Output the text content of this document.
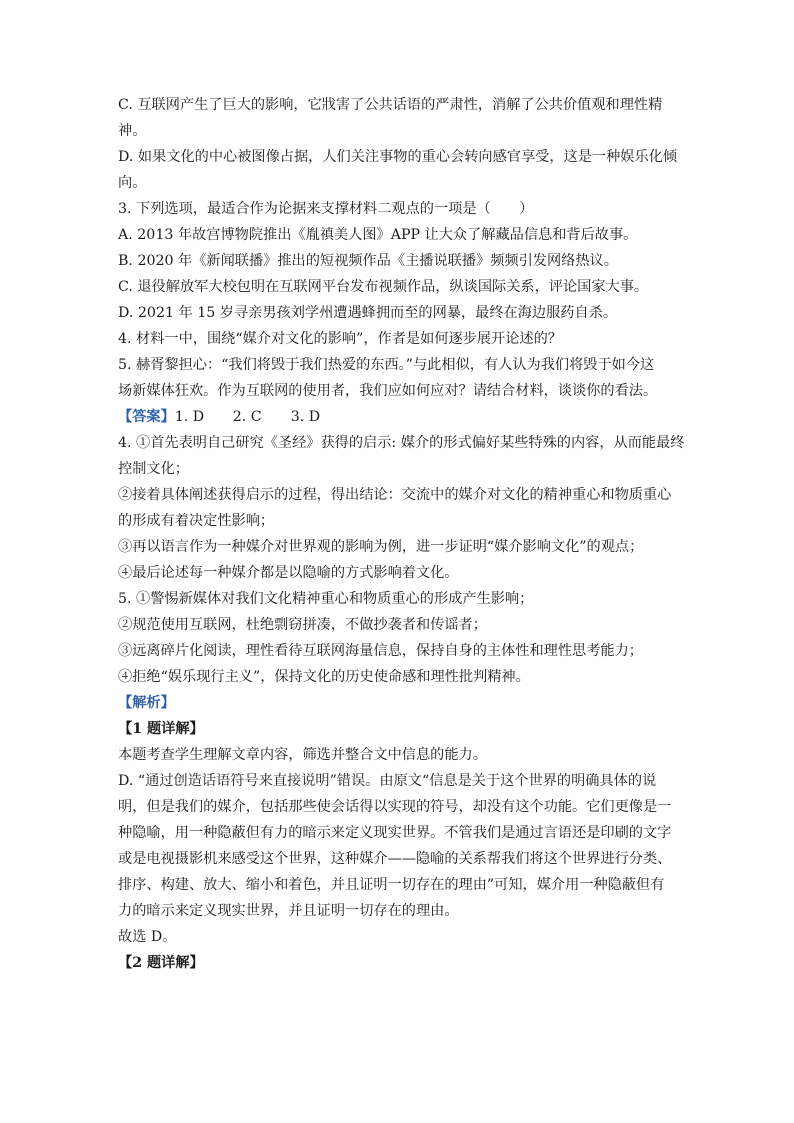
C. 互联网产生了巨大的影响，它戕害了公共话语的严肃性，消解了公共价值观和理性精
神。
D. 如果文化的中心被图像占据，人们关注事物的重心会转向感官享受，这是一种娱乐化倾
向。
3. 下列选项，最适合作为论据来支撑材料二观点的一项是（　　）
A. 2013 年故宫博物院推出《胤禛美人图》APP 让大众了解藏品信息和背后故事。
B. 2020 年《新闻联播》推出的短视频作品《主播说联播》频频引发网络热议。
C. 退役解放军大校包明在互联网平台发布视频作品，纵谈国际关系，评论国家大事。
D. 2021 年 15 岁寻亲男孩刘学州遭遇蜂拥而至的网暴，最终在海边服药自杀。
4. 材料一中，围绕“媒介对文化的影响”，作者是如何逐步展开论述的？
5. 赫胥黎担心：“我们将毁于我们热爱的东西。”与此相似，有人认为我们将毁于如今这
场新媒体狂欢。作为互联网的使用者，我们应如何应对？请结合材料，谈谈你的看法。
【答案】1. D 2. C 3. D
4. ①首先表明自己研究《圣经》获得的启示: 媒介的形式偏好某些特殊的内容，从而能最终
控制文化；
②接着具体阐述获得启示的过程，得出结论：交流中的媒介对文化的精神重心和物质重心
的形成有着决定性影响；
③再以语言作为一种媒介对世界观的影响为例，进一步证明“媒介影响文化”的观点；
④最后论述每一种媒介都是以隐喻的方式影响着文化。
5. ①警惕新媒体对我们文化精神重心和物质重心的形成产生影响；
②规范使用互联网，杜绝剽窃拼凑，不做抄袭者和传谣者；
③远离碎片化阅读，理性看待互联网海量信息，保持自身的主体性和理性思考能力；
④拒绝“娱乐现行主义”，保持文化的历史使命感和理性批判精神。
【解析】
【1 题详解】
本题考查学生理解文章内容，筛选并整合文中信息的能力。
D. “通过创造话语符号来直接说明”错误。由原文“信息是关于这个世界的明确具体的说
明，但是我们的媒介，包括那些使会话得以实现的符号，却没有这个功能。它们更像是一
种隐喻，用一种隐蔽但有力的暗示来定义现实世界。不管我们是通过言语还是印刷的文字
或是电视摄影机来感受这个世界，这种媒介——隐喻的关系帮我们将这个世界进行分类、
排序、构建、放大、缩小和着色，并且证明一切存在的理由”可知，媒介用一种隐蔽但有
力的暗示来定义现实世界，并且证明一切存在的理由。
故选 D。
【2 题详解】
